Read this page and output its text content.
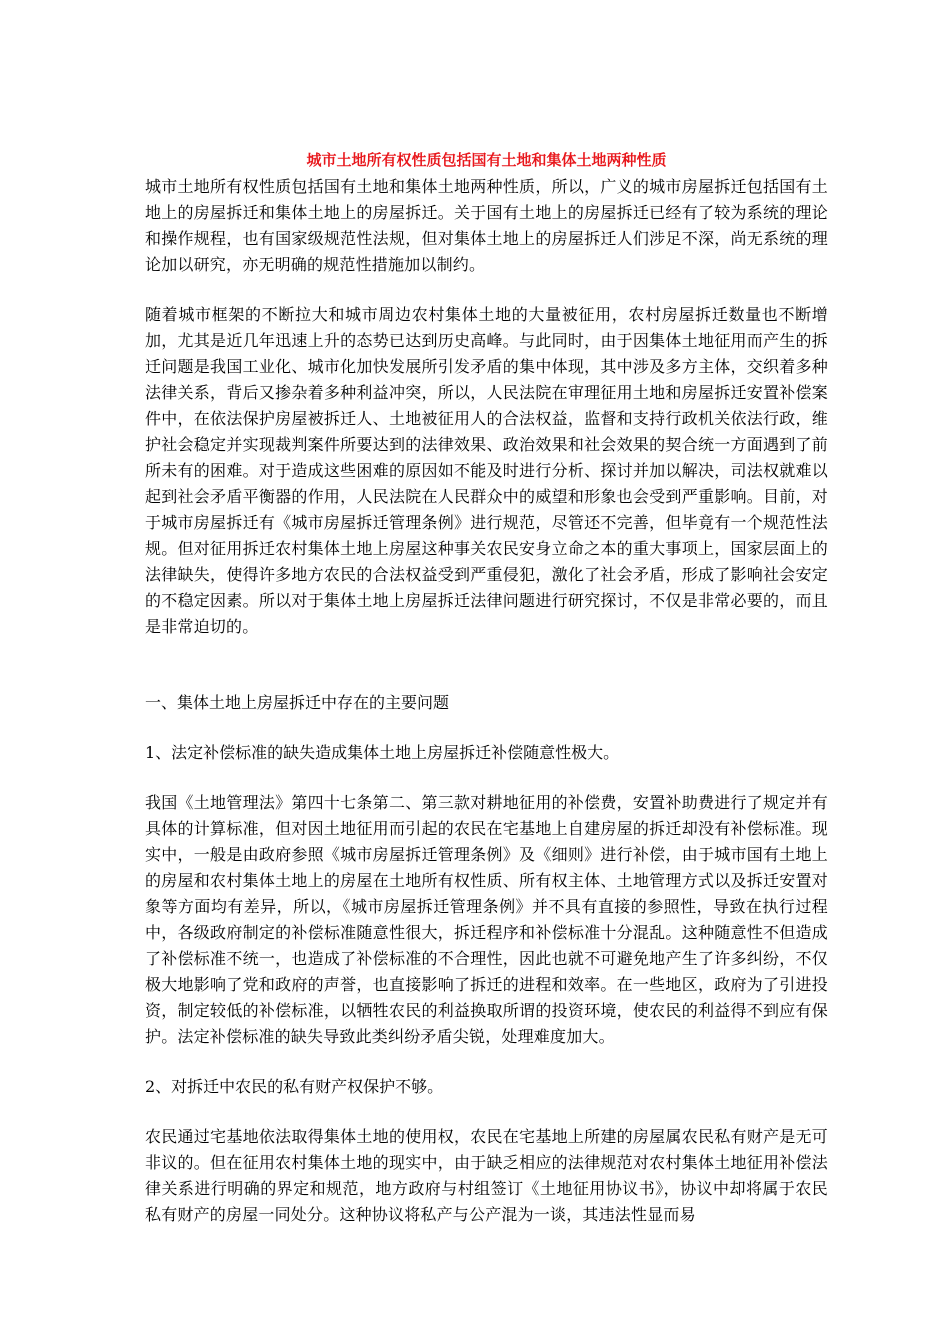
城市土地所有权性质包括国有土地和集体土地两种性质

城市土地所有权性质包括国有土地和集体土地两种性质，所以，广义的城市房屋拆迁包括国有土地上的房屋拆迁和集体土地上的房屋拆迁。关于国有土地上的房屋拆迁已经有了较为系统的理论和操作规程，也有国家级规范性法规，但对集体土地上的房屋拆迁人们涉足不深，尚无系统的理论加以研究，亦无明确的规范性措施加以制约。

随着城市框架的不断拉大和城市周边农村集体土地的大量被征用，农村房屋拆迁数量也不断增加，尤其是近几年迅速上升的态势已达到历史高峰。与此同时，由于因集体土地征用而产生的拆迁问题是我国工业化、城市化加快发展所引发矛盾的集中体现，其中涉及多方主体，交织着多种法律关系，背后又掺杂着多种利益冲突，所以，人民法院在审理征用土地和房屋拆迁安置补偿案件中，在依法保护房屋被拆迁人、土地被征用人的合法权益，监督和支持行政机关依法行政，维护社会稳定并实现裁判案件所要达到的法律效果、政治效果和社会效果的契合统一方面遇到了前所未有的困难。对于造成这些困难的原因如不能及时进行分析、探讨并加以解决，司法权就难以起到社会矛盾平衡器的作用，人民法院在人民群众中的威望和形象也会受到严重影响。目前，对于城市房屋拆迁有《城市房屋拆迁管理条例》进行规范，尽管还不完善，但毕竟有一个规范性法规。但对征用拆迁农村集体土地上房屋这种事关农民安身立命之本的重大事项上，国家层面上的法律缺失，使得许多地方农民的合法权益受到严重侵犯，激化了社会矛盾，形成了影响社会安定的不稳定因素。所以对于集体土地上房屋拆迁法律问题进行研究探讨，不仅是非常必要的，而且是非常迫切的。

一、集体土地上房屋拆迁中存在的主要问题

1、法定补偿标准的缺失造成集体土地上房屋拆迁补偿随意性极大。

我国《土地管理法》第四十七条第二、第三款对耕地征用的补偿费，安置补助费进行了规定并有具体的计算标准，但对因土地征用而引起的农民在宅基地上自建房屋的拆迁却没有补偿标准。现实中，一般是由政府参照《城市房屋拆迁管理条例》及《细则》进行补偿，由于城市国有土地上的房屋和农村集体土地上的房屋在土地所有权性质、所有权主体、土地管理方式以及拆迁安置对象等方面均有差异，所以，《城市房屋拆迁管理条例》并不具有直接的参照性，导致在执行过程中，各级政府制定的补偿标准随意性很大，拆迁程序和补偿标准十分混乱。这种随意性不但造成了补偿标准不统一，也造成了补偿标准的不合理性，因此也就不可避免地产生了许多纠纷，不仅极大地影响了党和政府的声誉，也直接影响了拆迁的进程和效率。在一些地区，政府为了引进投资，制定较低的补偿标准，以牺牲农民的利益换取所谓的投资环境，使农民的利益得不到应有保护。法定补偿标准的缺失导致此类纠纷矛盾尖锐，处理难度加大。

2、对拆迁中农民的私有财产权保护不够。

农民通过宅基地依法取得集体土地的使用权，农民在宅基地上所建的房屋属农民私有财产是无可非议的。但在征用农村集体土地的现实中，由于缺乏相应的法律规范对农村集体土地征用补偿法律关系进行明确的界定和规范，地方政府与村组签订《土地征用协议书》，协议中却将属于农民私有财产的房屋一同处分。这种协议将私产与公产混为一谈，其违法性显而易
